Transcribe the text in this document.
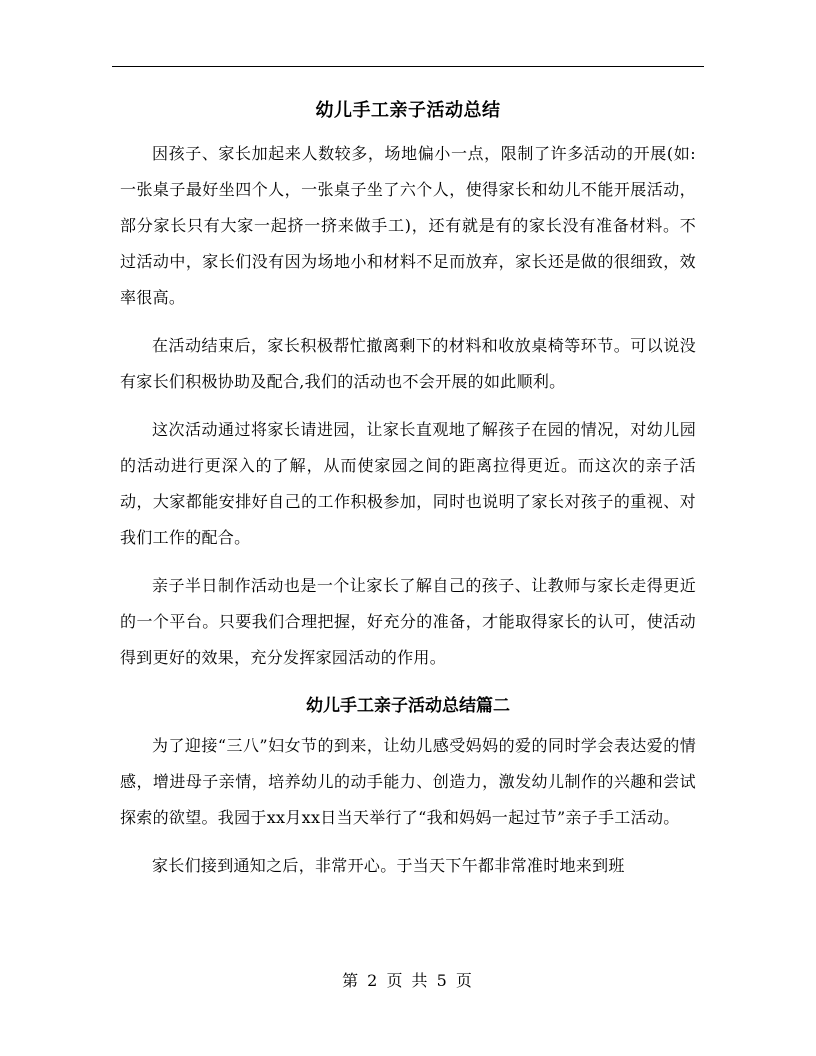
幼儿手工亲子活动总结

因孩子、家长加起来人数较多，场地偏小一点，限制了许多活动的开展(如:一张桌子最好坐四个人，一张桌子坐了六个人，使得家长和幼儿不能开展活动，部分家长只有大家一起挤一挤来做手工)，还有就是有的家长没有准备材料。不过活动中，家长们没有因为场地小和材料不足而放弃，家长还是做的很细致，效率很高。

在活动结束后，家长积极帮忙撤离剩下的材料和收放桌椅等环节。可以说没有家长们积极协助及配合,我们的活动也不会开展的如此顺利。

这次活动通过将家长请进园，让家长直观地了解孩子在园的情况，对幼儿园的活动进行更深入的了解，从而使家园之间的距离拉得更近。而这次的亲子活动，大家都能安排好自己的工作积极参加，同时也说明了家长对孩子的重视、对我们工作的配合。

亲子半日制作活动也是一个让家长了解自己的孩子、让教师与家长走得更近的一个平台。只要我们合理把握，好充分的准备，才能取得家长的认可，使活动得到更好的效果，充分发挥家园活动的作用。

幼儿手工亲子活动总结篇二

为了迎接“三八”妇女节的到来，让幼儿感受妈妈的爱的同时学会表达爱的情感，增进母子亲情，培养幼儿的动手能力、创造力，激发幼儿制作的兴趣和尝试探索的欲望。我园于xx月xx日当天举行了“我和妈妈一起过节”亲子手工活动。

家长们接到通知之后，非常开心。于当天下午都非常准时地来到班

第 2 页 共 5 页
